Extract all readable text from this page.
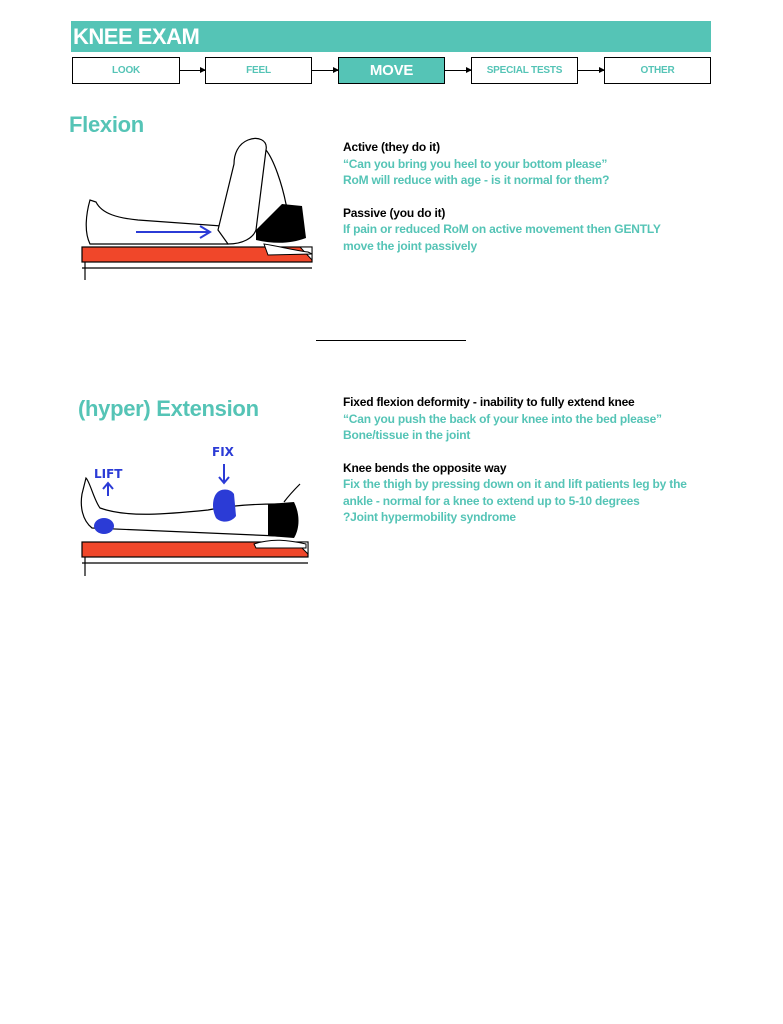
KNEE EXAM
LOOK	FEEL	MOVE	SPECIAL TESTS	OTHER
Flexion
Active (they do it)
“Can you bring you heel to your bottom please”
RoM will reduce with age - is it normal for them?
Passive (you do it)
If pain or reduced RoM on active movement then GENTLY
move the joint passively
(hyper) Extension
LIFT
FIX
Fixed flexion deformity - inability to fully extend knee
“Can you push the back of your knee into the bed please”
Bone/tissue in the joint
Knee bends the opposite way
Fix the thigh by pressing down on it and lift patients leg by the
ankle - normal for a knee to extend up to 5-10 degrees
?Joint hypermobility syndrome
